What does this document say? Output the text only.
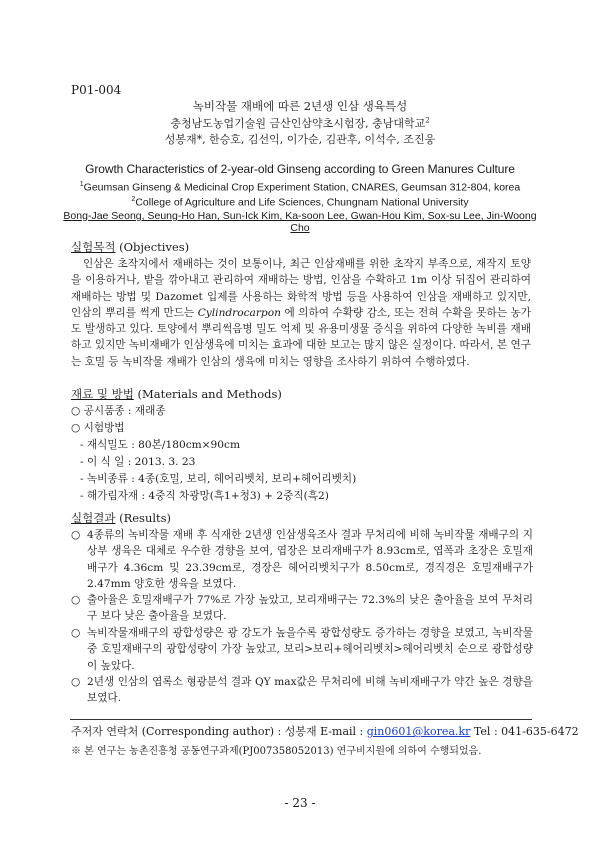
P01-004
녹비작물 재배에 따른 2년생 인삼 생육특성
충청남도농업기술원 금산인삼약초시험장, 충남대학교$^2$
성봉재*, 한승호, 김선익, 이가순, 김관후, 이석수, 조진웅
Growth Characteristics of 2-year-old Ginseng according to Green Manures Culture
$^1$Geumsan Ginseng & Medicinal Crop Experiment Station, CNARES, Geumsan 312-804, korea
$^2$College of Agriculture and Life Sciences, Chungnam National University
Bong-Jae Seong, Seung-Ho Han, Sun-Ick Kim, Ka-soon Lee, Gwan-Hou Kim, Sox-su Lee, Jin-Woong Cho
실험목적 (Objectives)
인삼은 초작지에서 재배하는 것이 보통이나, 최근 인삼재배를 위한 초작지 부족으로, 재작지 토양을 이용하거나, 밭을 깎아내고 관리하여 재배하는 방법, 인삼을 수확하고 1m 이상 뒤집어 관리하여 재배하는 방법 및 Dazomet 입제를 사용하는 화학적 방법 등을 사용하여 인삼을 재배하고 있지만, 인삼의 뿌리를 썩게 만드는 Cylindrocarpon 에 의하여 수확량 감소, 또는 전혀 수확을 못하는 농가도 발생하고 있다. 토양에서 뿌리썩음병 밀도 억제 및 유용미생물 증식을 위하여 다양한 녹비를 재배하고 있지만 녹비재배가 인삼생육에 미치는 효과에 대한 보고는 많지 않은 실정이다. 따라서, 본 연구는 호밀 등 녹비작물 재배가 인삼의 생육에 미치는 영향을 조사하기 위하여 수행하였다.
재료 및 방법 (Materials and Methods)
○ 공시품종 : 재래종
○ 시험방법
- 재식밀도 : 80본/180cm×90cm
- 이 식 일 : 2013. 3. 23
- 녹비종류 : 4종(호밀, 보리, 헤어리벳치, 보리+헤어리벳치)
- 해가림자재 : 4중직 차광망(흑1+청3) + 2중직(흑2)
실험결과 (Results)
○ 4종류의 녹비작물 재배 후 식재한 2년생 인삼생육조사 결과 무처리에 비해 녹비작물 재배구의 지상부 생육은 대체로 우수한 경향을 보여, 엽장은 보리재배구가 8.93cm로, 엽폭과 초장은 호밀재배구가 4.36cm 및 23.39cm로, 경장은 헤어리벳치구가 8.50cm로, 경직경은 호밀재배구가 2.47mm 양호한 생육을 보였다.
○ 출아율은 호밀재배구가 77%로 가장 높았고, 보리재배구는 72.3%의 낮은 출아율을 보여 무처리구 보다 낮은 출아율을 보였다.
○ 녹비작물재배구의 광합성량은 광 강도가 높을수록 광합성량도 증가하는 경향을 보였고, 녹비작물 중 호밀재배구의 광합성량이 가장 높았고, 보리>보리+헤어리벳치>헤어리벳치 순으로 광합성량이 높았다.
○ 2년생 인삼의 엽록소 형광분석 결과 QY max값은 무처리에 비해 녹비재배구가 약간 높은 경향을 보였다.
주저자 연락처 (Corresponding author) : 성봉재 E-mail : gin0601@korea.kr Tel : 041-635-6472
※ 본 연구는 농촌진흥청 공동연구과제(PJ007358052013) 연구비지원에 의하여 수행되었음.
- 23 -
